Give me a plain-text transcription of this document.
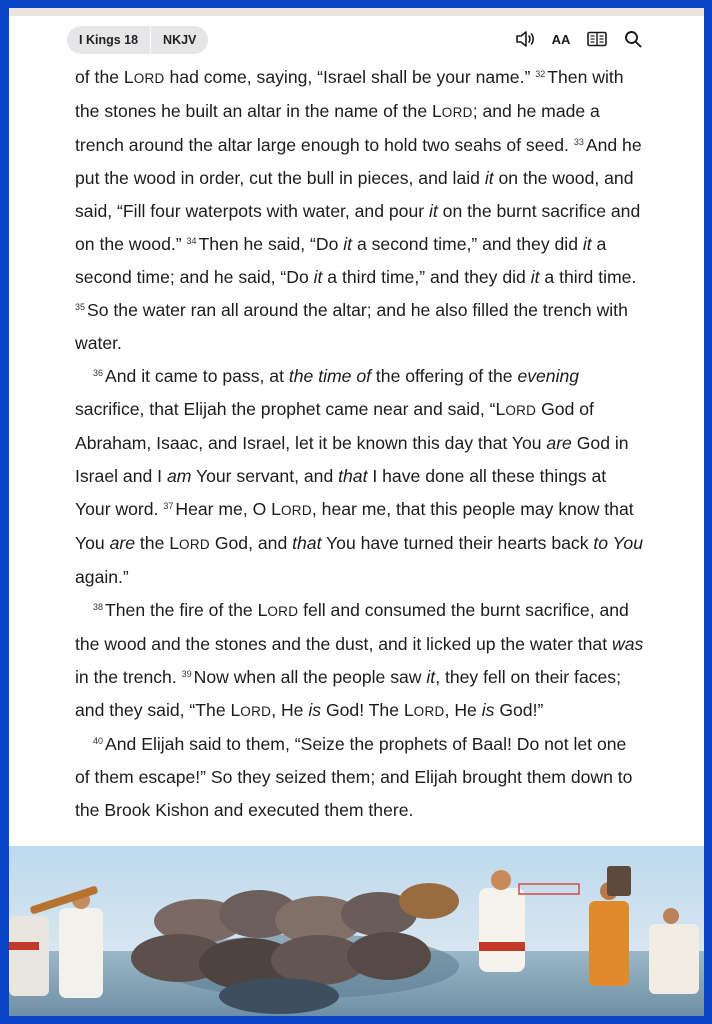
I Kings 18	NKJV	AA

of the LORD had come, saying, “Israel shall be your name.” $^{32}$ Then with the stones he built an altar in the name of the LORD; and he made a trench around the altar large enough to hold two seahs of seed. $^{33}$ And he put the wood in order, cut the bull in pieces, and laid it on the wood, and said, “Fill four waterpots with water, and pour it on the burnt sacrifice and on the wood.” $^{34}$ Then he said, “Do it a second time,” and they did it a second time; and he said, “Do it a third time,” and they did it a third time. $^{35}$ So the water ran all around the altar; and he also filled the trench with water.

$^{36}$ And it came to pass, at the time of the offering of the evening sacrifice, that Elijah the prophet came near and said, “LORD God of Abraham, Isaac, and Israel, let it be known this day that You are God in Israel and I am Your servant, and that I have done all these things at Your word. $^{37}$ Hear me, O LORD, hear me, that this people may know that You are the LORD God, and that You have turned their hearts back to You again.”

$^{38}$ Then the fire of the LORD fell and consumed the burnt sacrifice, and the wood and the stones and the dust, and it licked up the water that was in the trench. $^{39}$ Now when all the people saw it, they fell on their faces; and they said, “The LORD, He is God! The LORD, He is God!”

$^{40}$ And Elijah said to them, “Seize the prophets of Baal! Do not let one of them escape!” So they seized them; and Elijah brought them down to the Brook Kishon and executed them there.
